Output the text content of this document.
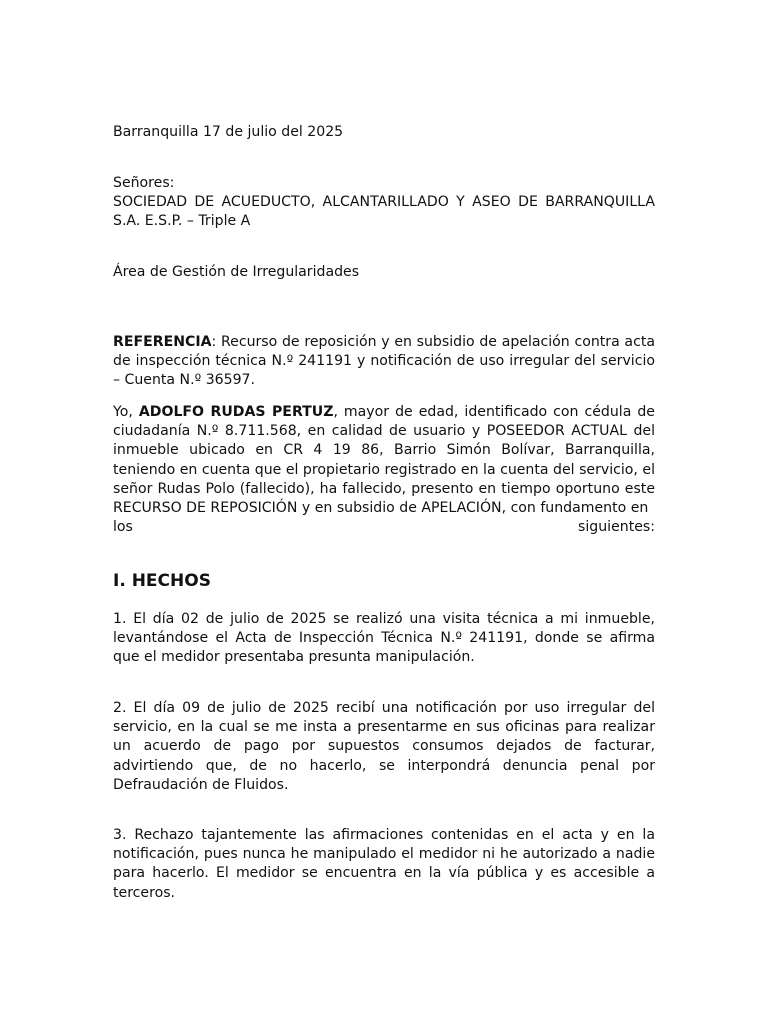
Barranquilla 17 de julio del 2025

Señores:

SOCIEDAD DE ACUEDUCTO, ALCANTARILLADO Y ASEO DE BARRANQUILLA S.A. E.S.P. – Triple A

Área de Gestión de Irregularidades

REFERENCIA: Recurso de reposición y en subsidio de apelación contra acta de inspección técnica N.º 241191 y notificación de uso irregular del servicio – Cuenta N.º 36597.

Yo, ADOLFO RUDAS PERTUZ, mayor de edad, identificado con cédula de ciudadanía N.º 8.711.568, en calidad de usuario y POSEEDOR ACTUAL del inmueble ubicado en CR 4 19 86, Barrio Simón Bolívar, Barranquilla, teniendo en cuenta que el propietario registrado en la cuenta del servicio, el señor Rudas Polo (fallecido), ha fallecido, presento en tiempo oportuno este RECURSO DE REPOSICIÓN y en subsidio de APELACIÓN, con fundamento en

los siguientes:

I. HECHOS

1. El día 02 de julio de 2025 se realizó una visita técnica a mi inmueble, levantándose el Acta de Inspección Técnica N.º 241191, donde se afirma que el medidor presentaba presunta manipulación.

2. El día 09 de julio de 2025 recibí una notificación por uso irregular del servicio, en la cual se me insta a presentarme en sus oficinas para realizar un acuerdo de pago por supuestos consumos dejados de facturar, advirtiendo que, de no hacerlo, se interpondrá denuncia penal por Defraudación de Fluidos.

3. Rechazo tajantemente las afirmaciones contenidas en el acta y en la notificación, pues nunca he manipulado el medidor ni he autorizado a nadie para hacerlo. El medidor se encuentra en la vía pública y es accesible a terceros.
